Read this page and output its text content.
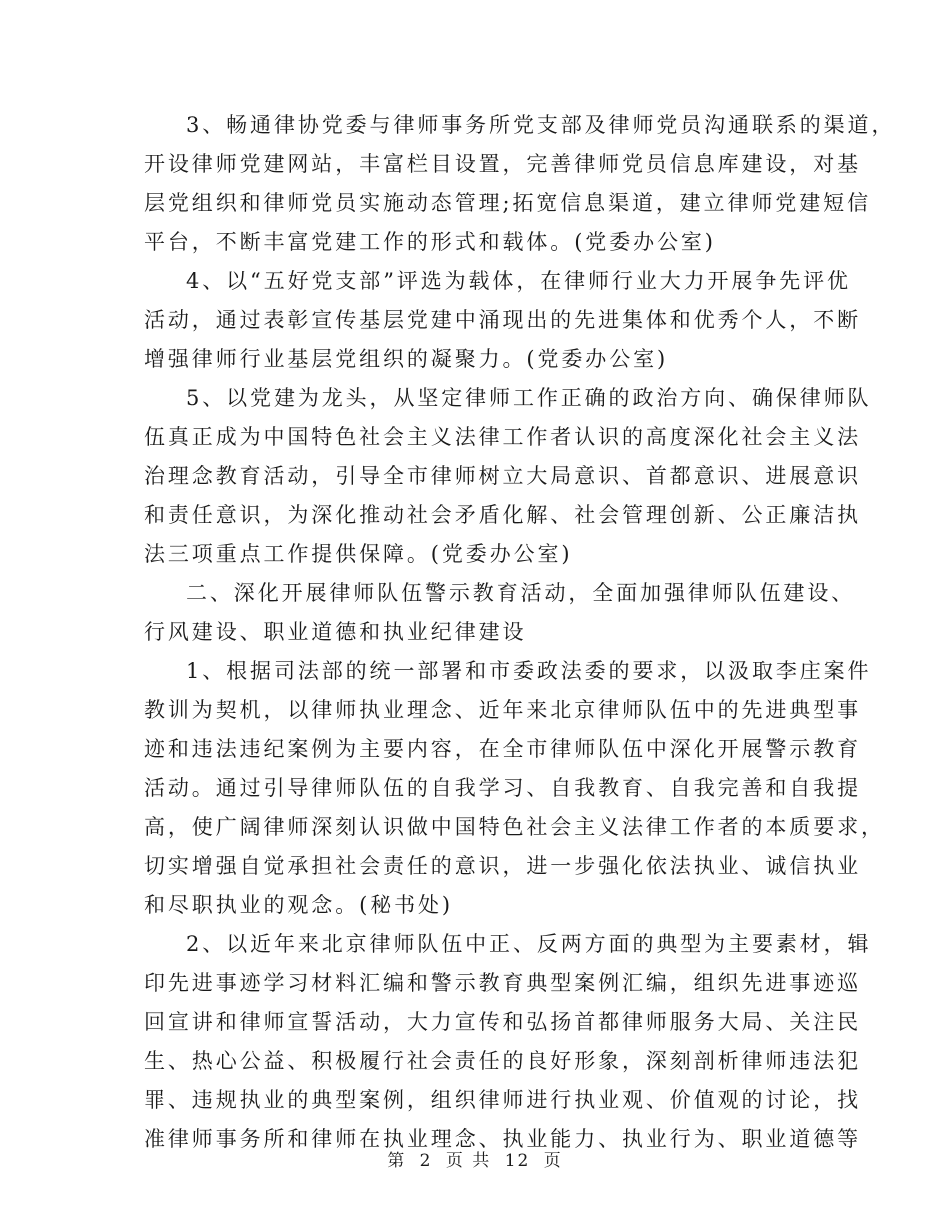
3、畅通律协党委与律师事务所党支部及律师党员沟通联系的渠道，
开设律师党建网站，丰富栏目设置，完善律师党员信息库建设，对基
层党组织和律师党员实施动态管理;拓宽信息渠道，建立律师党建短信
平台，不断丰富党建工作的形式和载体。(党委办公室)
4、以“五好党支部”评选为载体，在律师行业大力开展争先评优
活动，通过表彰宣传基层党建中涌现出的先进集体和优秀个人，不断
增强律师行业基层党组织的凝聚力。(党委办公室)
5、以党建为龙头，从坚定律师工作正确的政治方向、确保律师队
伍真正成为中国特色社会主义法律工作者认识的高度深化社会主义法
治理念教育活动，引导全市律师树立大局意识、首都意识、进展意识
和责任意识，为深化推动社会矛盾化解、社会管理创新、公正廉洁执
法三项重点工作提供保障。(党委办公室)
二、深化开展律师队伍警示教育活动，全面加强律师队伍建设、
行风建设、职业道德和执业纪律建设
1、根据司法部的统一部署和市委政法委的要求，以汲取李庄案件
教训为契机，以律师执业理念、近年来北京律师队伍中的先进典型事
迹和违法违纪案例为主要内容，在全市律师队伍中深化开展警示教育
活动。通过引导律师队伍的自我学习、自我教育、自我完善和自我提
高，使广阔律师深刻认识做中国特色社会主义法律工作者的本质要求，
切实增强自觉承担社会责任的意识，进一步强化依法执业、诚信执业
和尽职执业的观念。(秘书处)
2、以近年来北京律师队伍中正、反两方面的典型为主要素材，辑
印先进事迹学习材料汇编和警示教育典型案例汇编，组织先进事迹巡
回宣讲和律师宣誓活动，大力宣传和弘扬首都律师服务大局、关注民
生、热心公益、积极履行社会责任的良好形象，深刻剖析律师违法犯
罪、违规执业的典型案例，组织律师进行执业观、价值观的讨论，找
准律师事务所和律师在执业理念、执业能力、执业行为、职业道德等
第 2 页 共 12 页
